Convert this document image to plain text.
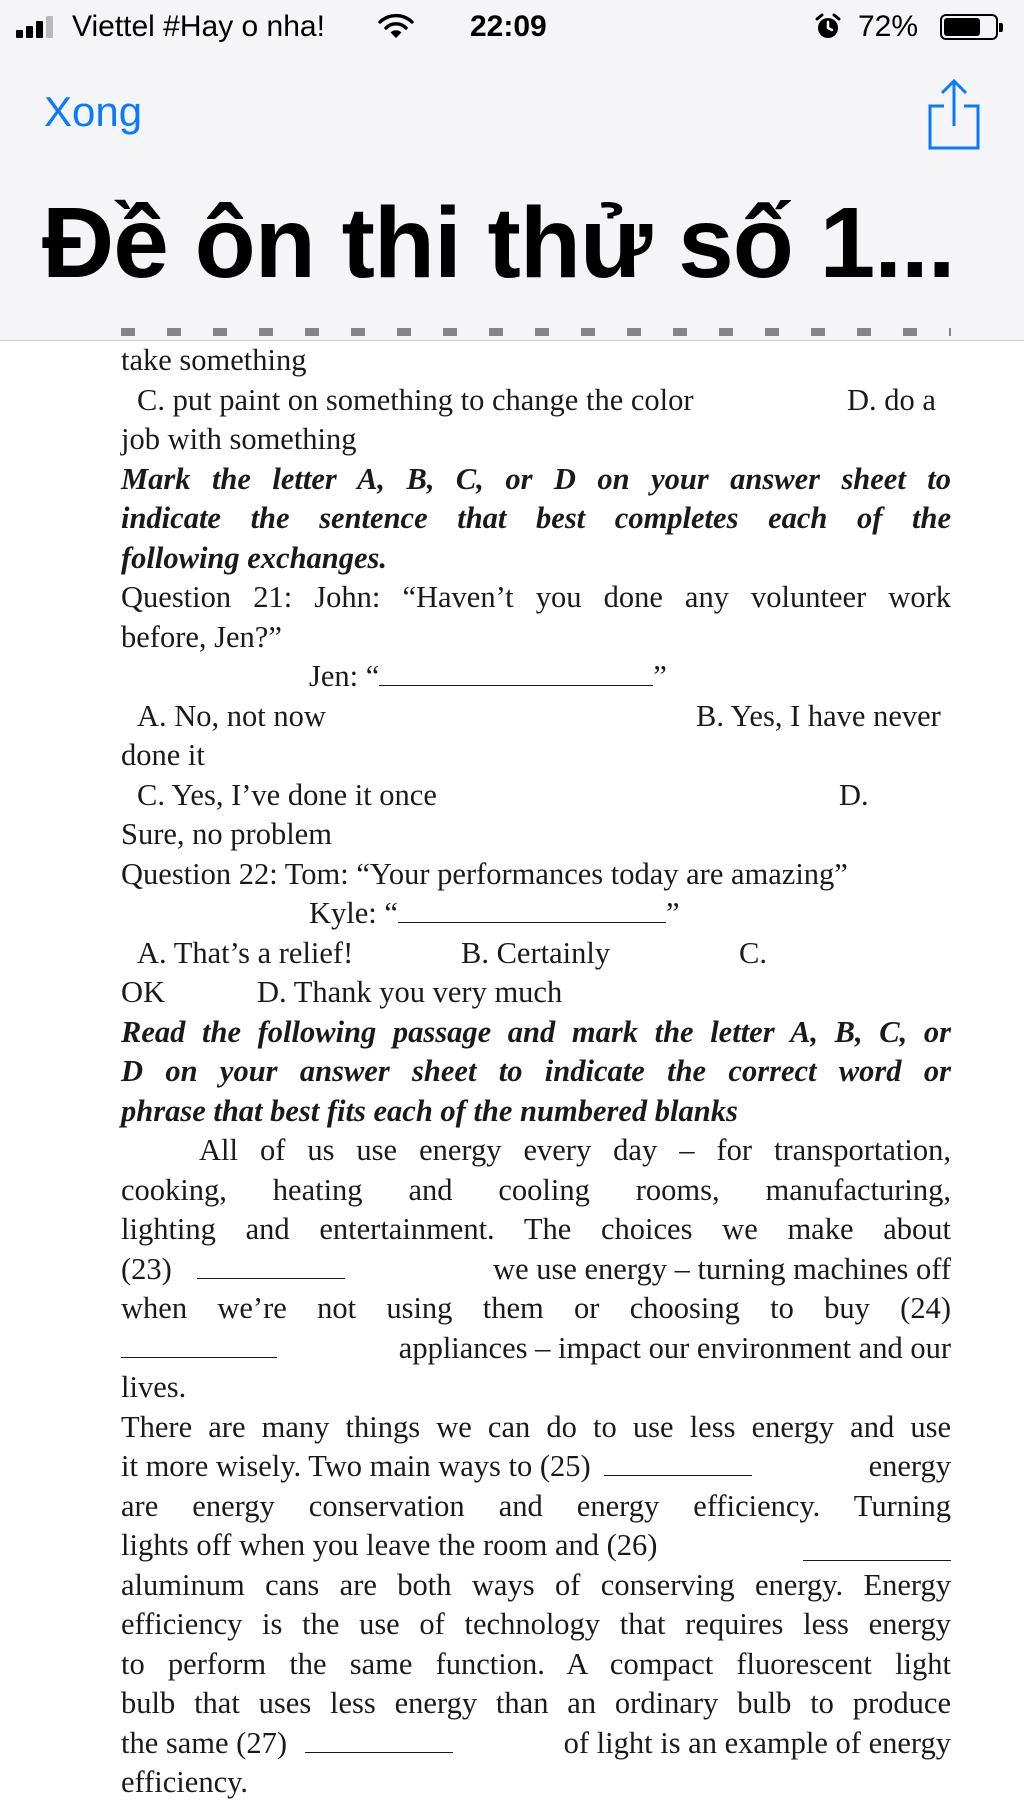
Viettel #Hay o nha!	22:09	72%
Xong
Đề ôn thi thử số 1...
take something
C. put paint on something to change the color	D. do a
job with something
Mark the letter A, B, C, or D on your answer sheet to
indicate the sentence that best completes each of the
following exchanges.
Question 21: John: “Haven’t you done any volunteer work
before, Jen?”
Jen: “	”
A. No, not now	B. Yes, I have never
done it
C. Yes, I’ve done it once	D.
Sure, no problem
Question 22: Tom: “Your performances today are amazing”
Kyle: “	”
A. That’s a relief!	B. Certainly	C.
OK	D. Thank you very much
Read the following passage and mark the letter A, B, C, or
D on your answer sheet to indicate the correct word or
phrase that best fits each of the numbered blanks
All of us use energy every day – for transportation,
cooking, heating and cooling rooms, manufacturing,
lighting and entertainment. The choices we make about
(23)	we use energy – turning machines off
when we’re not using them or choosing to buy (24)
appliances – impact our environment and our
lives.
There are many things we can do to use less energy and use
it more wisely. Two main ways to (25)	energy
are energy conservation and energy efficiency. Turning
lights off when you leave the room and (26)
aluminum cans are both ways of conserving energy. Energy
efficiency is the use of technology that requires less energy
to perform the same function. A compact fluorescent light
bulb that uses less energy than an ordinary bulb to produce
the same (27)	of light is an example of energy
efficiency.
